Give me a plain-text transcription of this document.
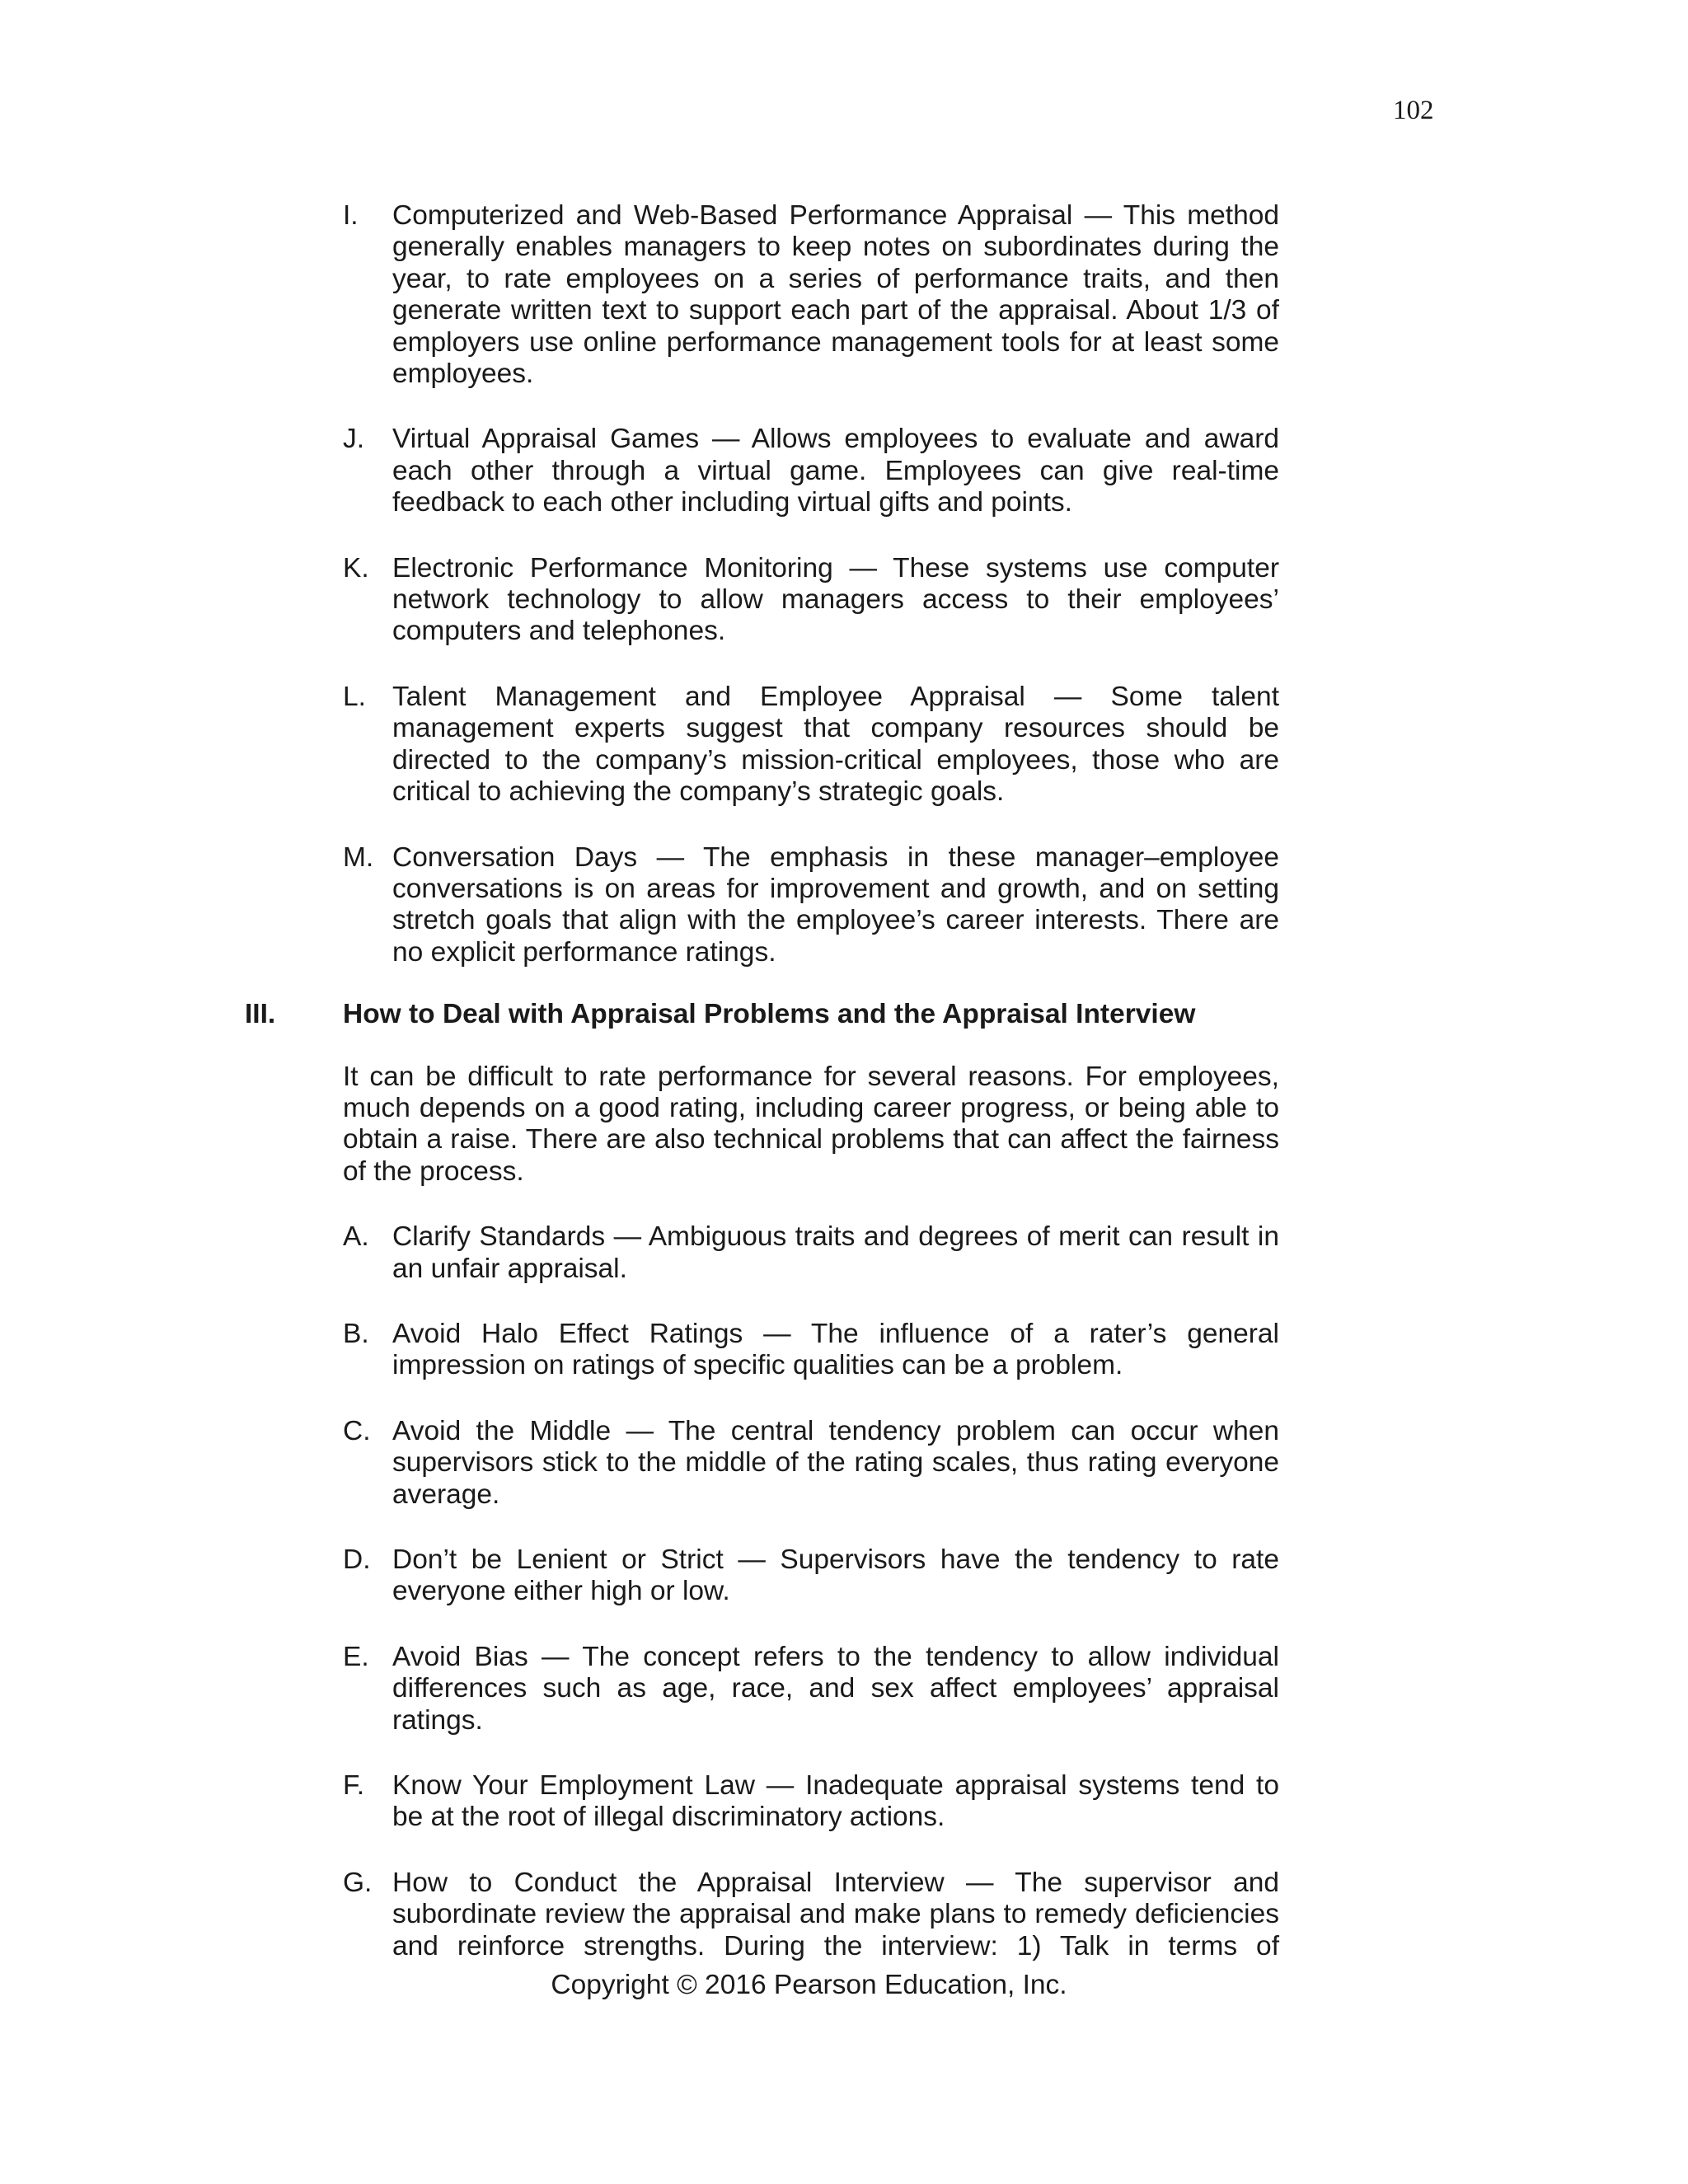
102
I. Computerized and Web-Based Performance Appraisal — This method generally enables managers to keep notes on subordinates during the year, to rate employees on a series of performance traits, and then generate written text to support each part of the appraisal. About 1/3 of employers use online performance management tools for at least some employees.
J. Virtual Appraisal Games — Allows employees to evaluate and award each other through a virtual game. Employees can give real-time feedback to each other including virtual gifts and points.
K. Electronic Performance Monitoring — These systems use computer network technology to allow managers access to their employees’ computers and telephones.
L. Talent Management and Employee Appraisal — Some talent management experts suggest that company resources should be directed to the company’s mission-critical employees, those who are critical to achieving the company’s strategic goals.
M. Conversation Days — The emphasis in these manager–employee conversations is on areas for improvement and growth, and on setting stretch goals that align with the employee’s career interests. There are no explicit performance ratings.
III. How to Deal with Appraisal Problems and the Appraisal Interview
It can be difficult to rate performance for several reasons. For employees, much depends on a good rating, including career progress, or being able to obtain a raise. There are also technical problems that can affect the fairness of the process.
A. Clarify Standards — Ambiguous traits and degrees of merit can result in an unfair appraisal.
B. Avoid Halo Effect Ratings — The influence of a rater’s general impression on ratings of specific qualities can be a problem.
C. Avoid the Middle — The central tendency problem can occur when supervisors stick to the middle of the rating scales, thus rating everyone average.
D. Don’t be Lenient or Strict — Supervisors have the tendency to rate everyone either high or low.
E. Avoid Bias — The concept refers to the tendency to allow individual differences such as age, race, and sex affect employees’ appraisal ratings.
F. Know Your Employment Law — Inadequate appraisal systems tend to be at the root of illegal discriminatory actions.
G. How to Conduct the Appraisal Interview — The supervisor and subordinate review the appraisal and make plans to remedy deficiencies and reinforce strengths. During the interview: 1) Talk in terms of
Copyright © 2016 Pearson Education, Inc.
